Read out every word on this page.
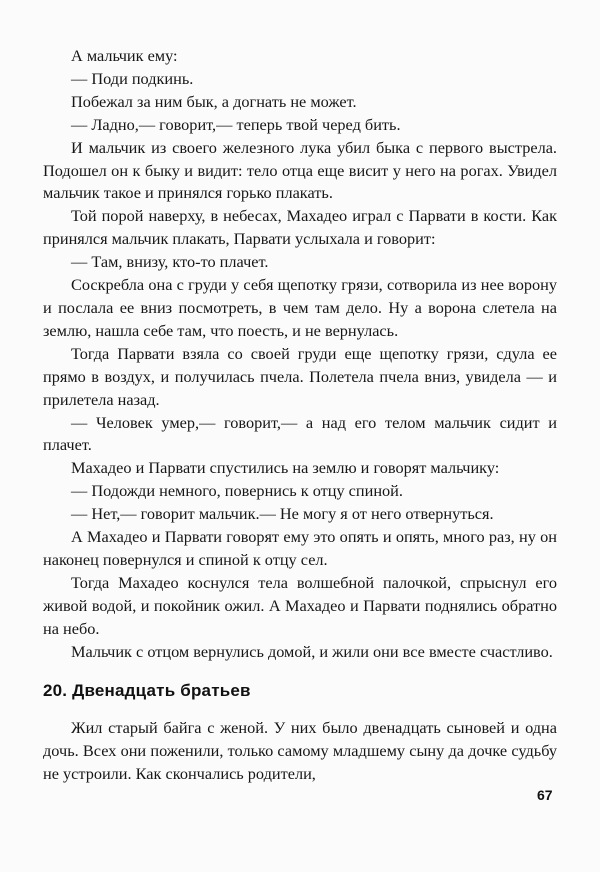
А мальчик ему:

— Поди подкинь.

Побежал за ним бык, а догнать не может.

— Ладно,— говорит,— теперь твой черед бить.

И мальчик из своего железного лука убил быка с первого выстрела. Подошел он к быку и видит: тело отца еще висит у него на рогах. Увидел мальчик такое и принялся горько плакать.

Той порой наверху, в небесах, Махадео играл с Парвати в кости. Как принялся мальчик плакать, Парвати услыхала и говорит:

— Там, внизу, кто-то плачет.

Соскребла она с груди у себя щепотку грязи, сотворила из нее ворону и послала ее вниз посмотреть, в чем там дело. Ну а ворона слетела на землю, нашла себе там, что поесть, и не вернулась.

Тогда Парвати взяла со своей груди еще щепотку грязи, сдула ее прямо в воздух, и получилась пчела. Полетела пчела вниз, увидела — и прилетела назад.

— Человек умер,— говорит,— а над его телом мальчик сидит и плачет.

Махадео и Парвати спустились на землю и говорят мальчику:

— Подожди немного, повернись к отцу спиной.

— Нет,— говорит мальчик.— Не могу я от него отвернуться.

А Махадео и Парвати говорят ему это опять и опять, много раз, ну он наконец повернулся и спиной к отцу сел.

Тогда Махадео коснулся тела волшебной палочкой, спрыснул его живой водой, и покойник ожил. А Махадео и Парвати поднялись обратно на небо.

Мальчик с отцом вернулись домой, и жили они все вместе счастливо.

20. Двенадцать братьев

Жил старый байга с женой. У них было двенадцать сыновей и одна дочь. Всех они поженили, только самому младшему сыну да дочке судьбу не устроили. Как скончались родители,

67
